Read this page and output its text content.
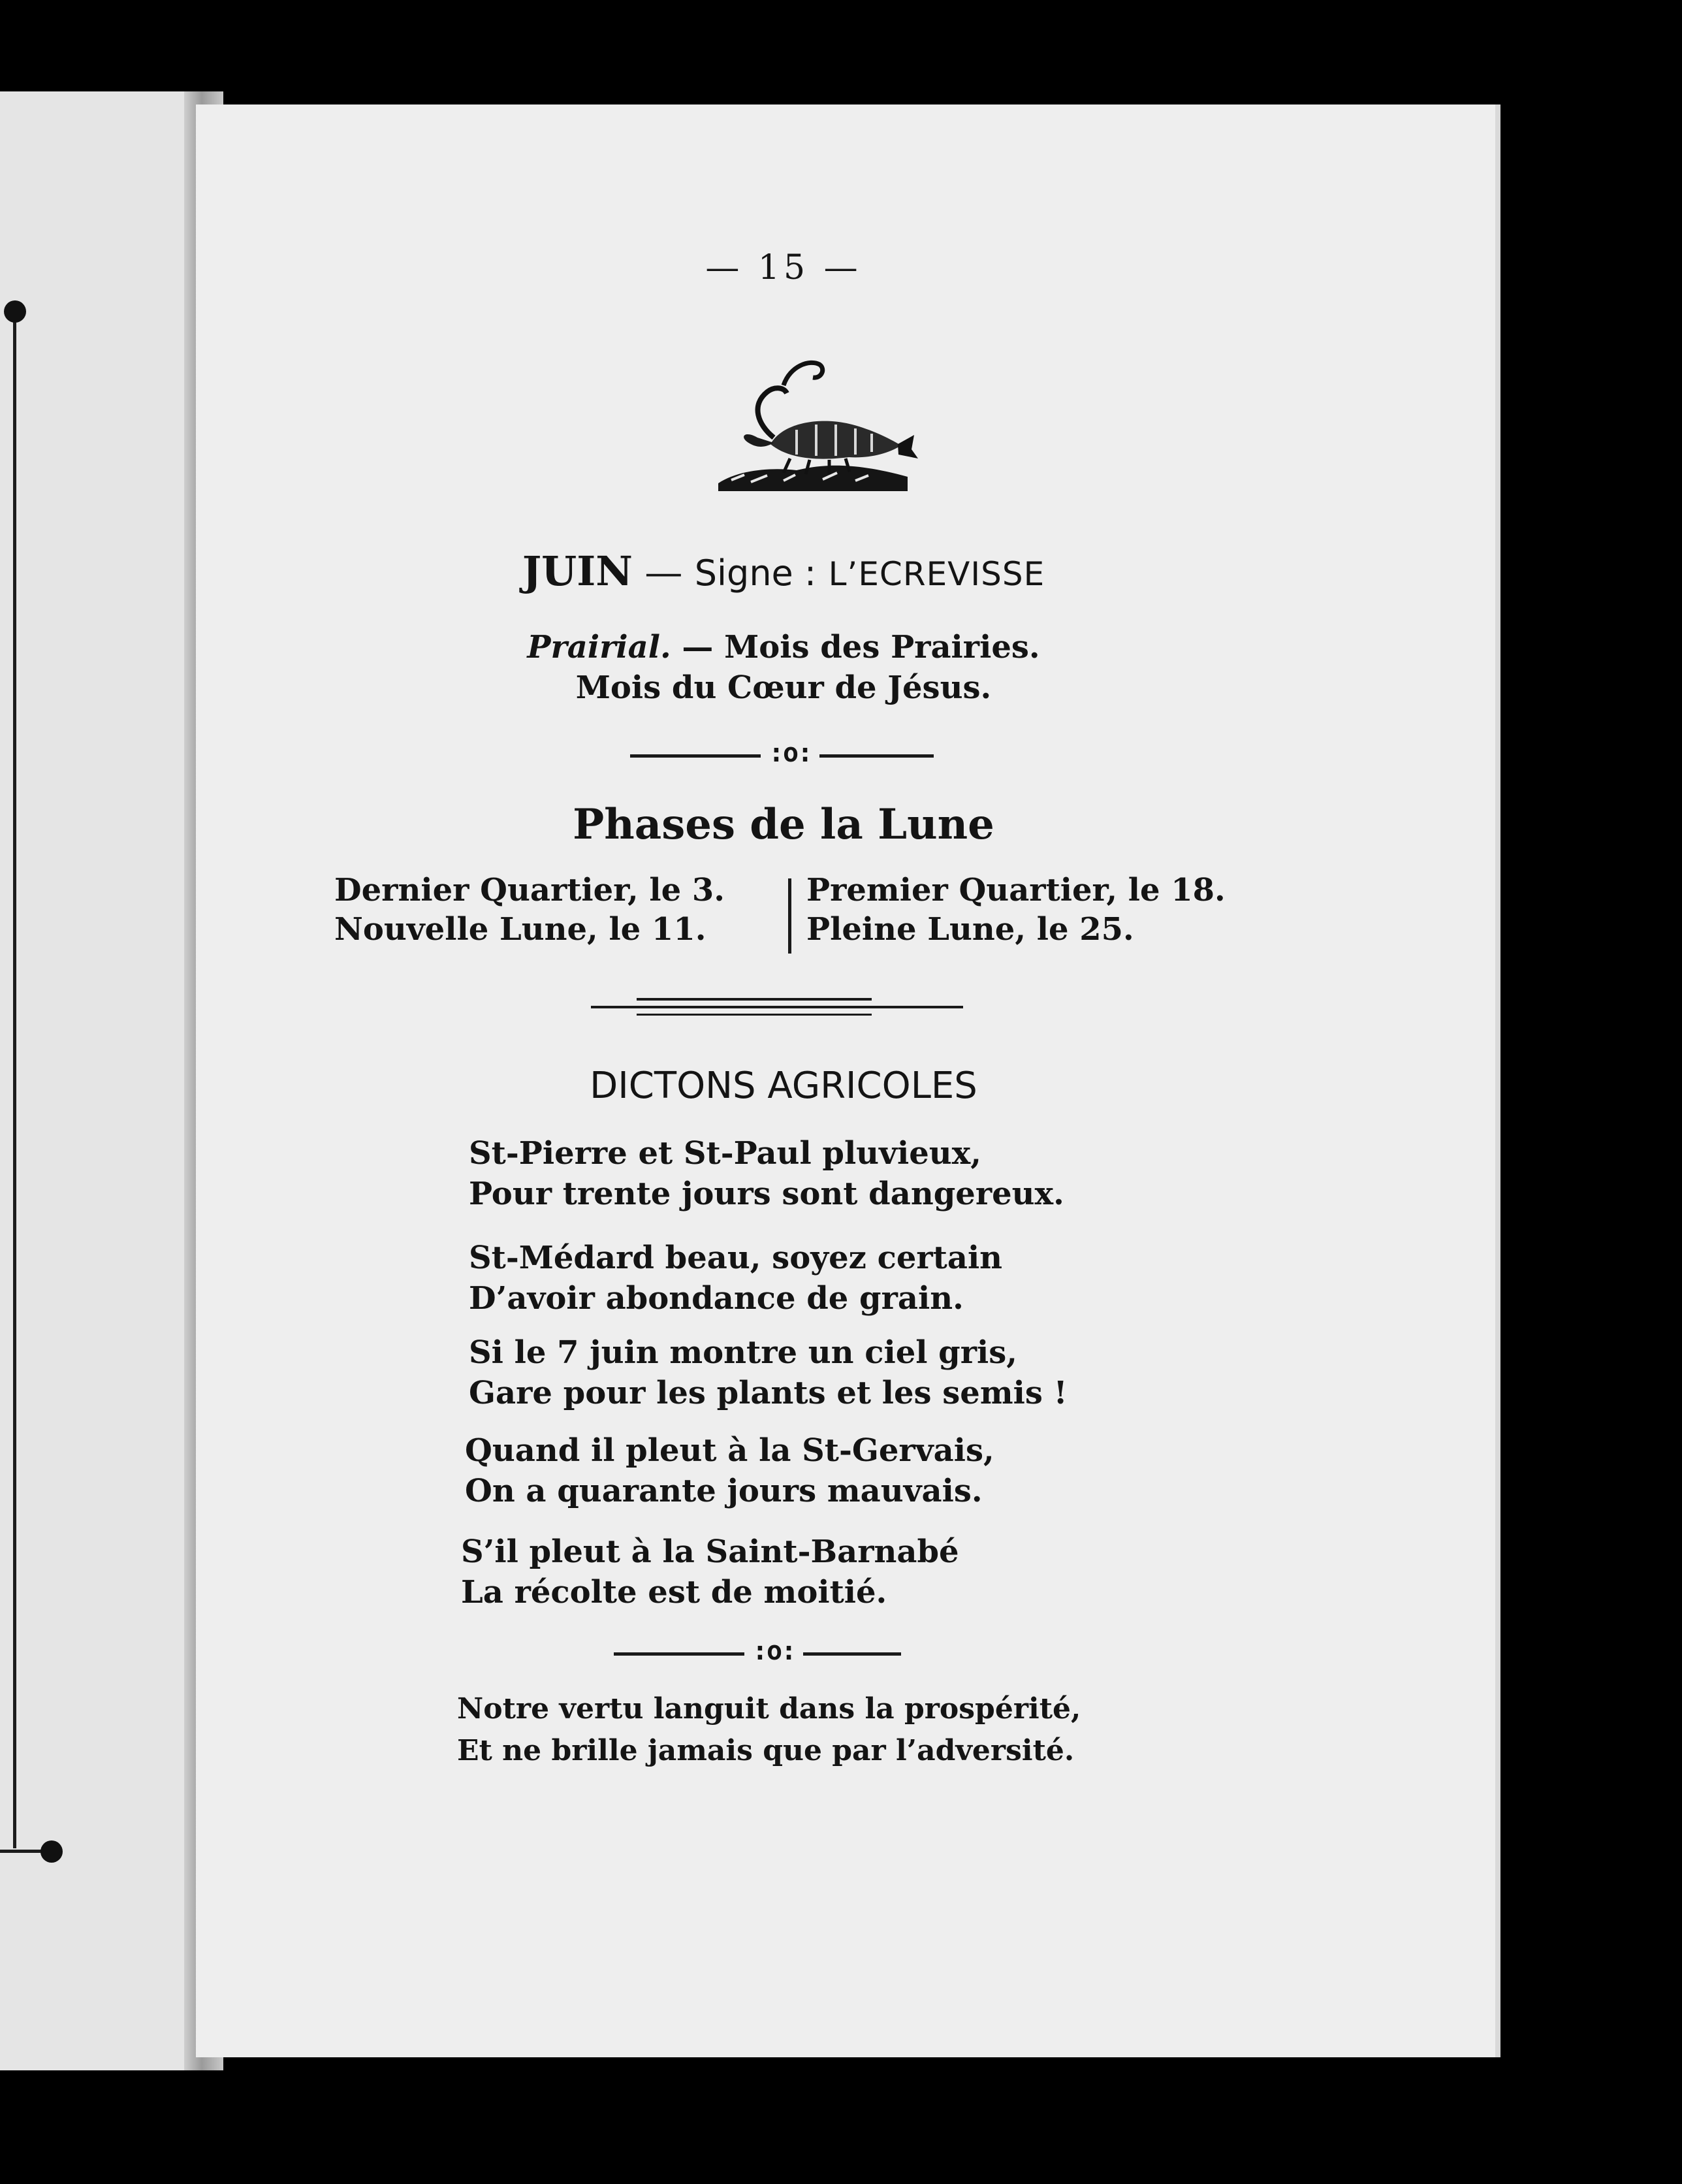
— 15 —
JUIN — Signe : L’ECREVISSE
Prairial. — Mois des Prairies.
Mois du Cœur de Jésus.
:o:
Phases de la Lune
Dernier Quartier, le 3.
Nouvelle Lune, le 11.
Premier Quartier, le 18.
Pleine Lune, le 25.
DICTONS AGRICOLES
St-Pierre et St-Paul pluvieux,
Pour trente jours sont dangereux.
St-Médard beau, soyez certain
D’avoir abondance de grain.
Si le 7 juin montre un ciel gris,
Gare pour les plants et les semis !
Quand il pleut à la St-Gervais,
On a quarante jours mauvais.
S’il pleut à la Saint-Barnabé
La récolte est de moitié.
:o:
Notre vertu languit dans la prospérité,
Et ne brille jamais que par l’adversité.
